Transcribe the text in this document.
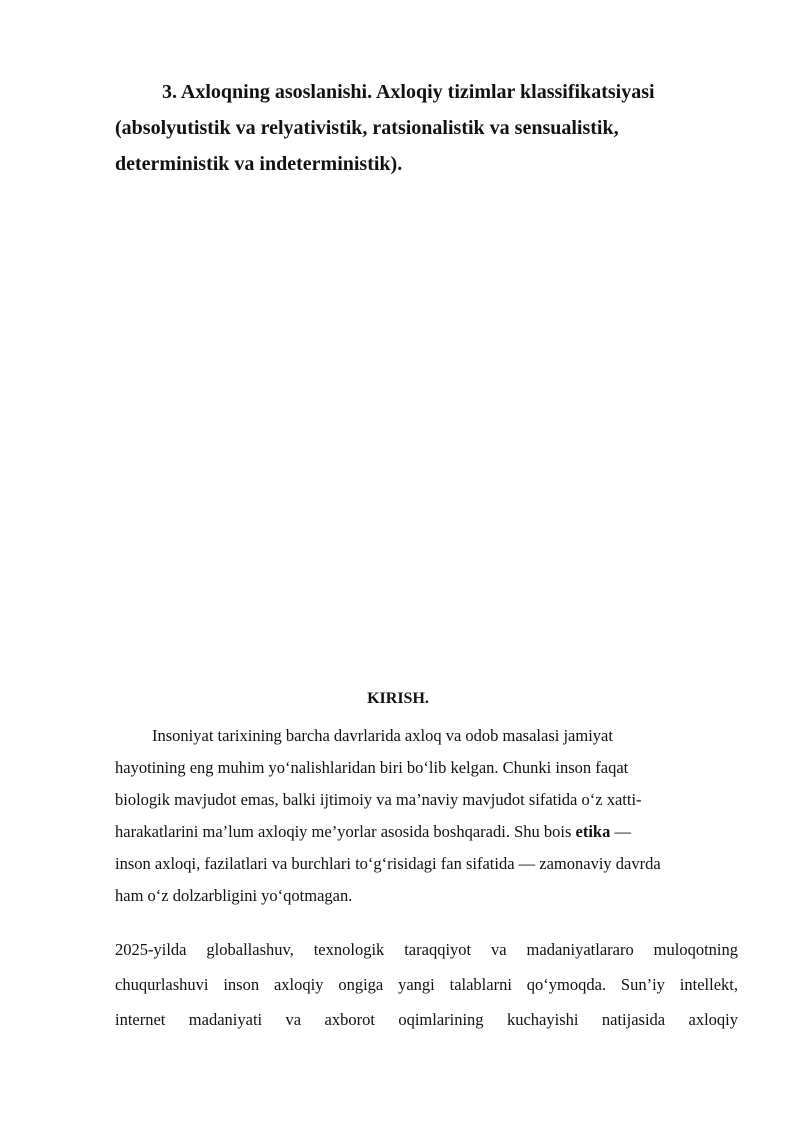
3. Axloqning asoslanishi. Axloqiy tizimlar klassifikatsiyasi
(absolyutistik va relyativistik, ratsionalistik va sensualistik,
deterministik va indeterministik).
KIRISH.

Insoniyat tarixining barcha davrlarida axloq va odob masalasi jamiyat
hayotining eng muhim yo‘nalishlaridan biri bo‘lib kelgan. Chunki inson faqat
biologik mavjudot emas, balki ijtimoiy va ma’naviy mavjudot sifatida o‘z xatti-
harakatlarini ma’lum axloqiy me’yorlar asosida boshqaradi. Shu bois etika —
inson axloqi, fazilatlari va burchlari to‘g‘risidagi fan sifatida — zamonaviy davrda
ham o‘z dolzarbligini yo‘qotmagan.

2025-yilda globallashuv, texnologik taraqqiyot va madaniyatlararo muloqotning
chuqurlashuvi inson axloqiy ongiga yangi talablarni qo‘ymoqda. Sun’iy intellekt,
internet madaniyati va axborot oqimlarining kuchayishi natijasida axloqiy
